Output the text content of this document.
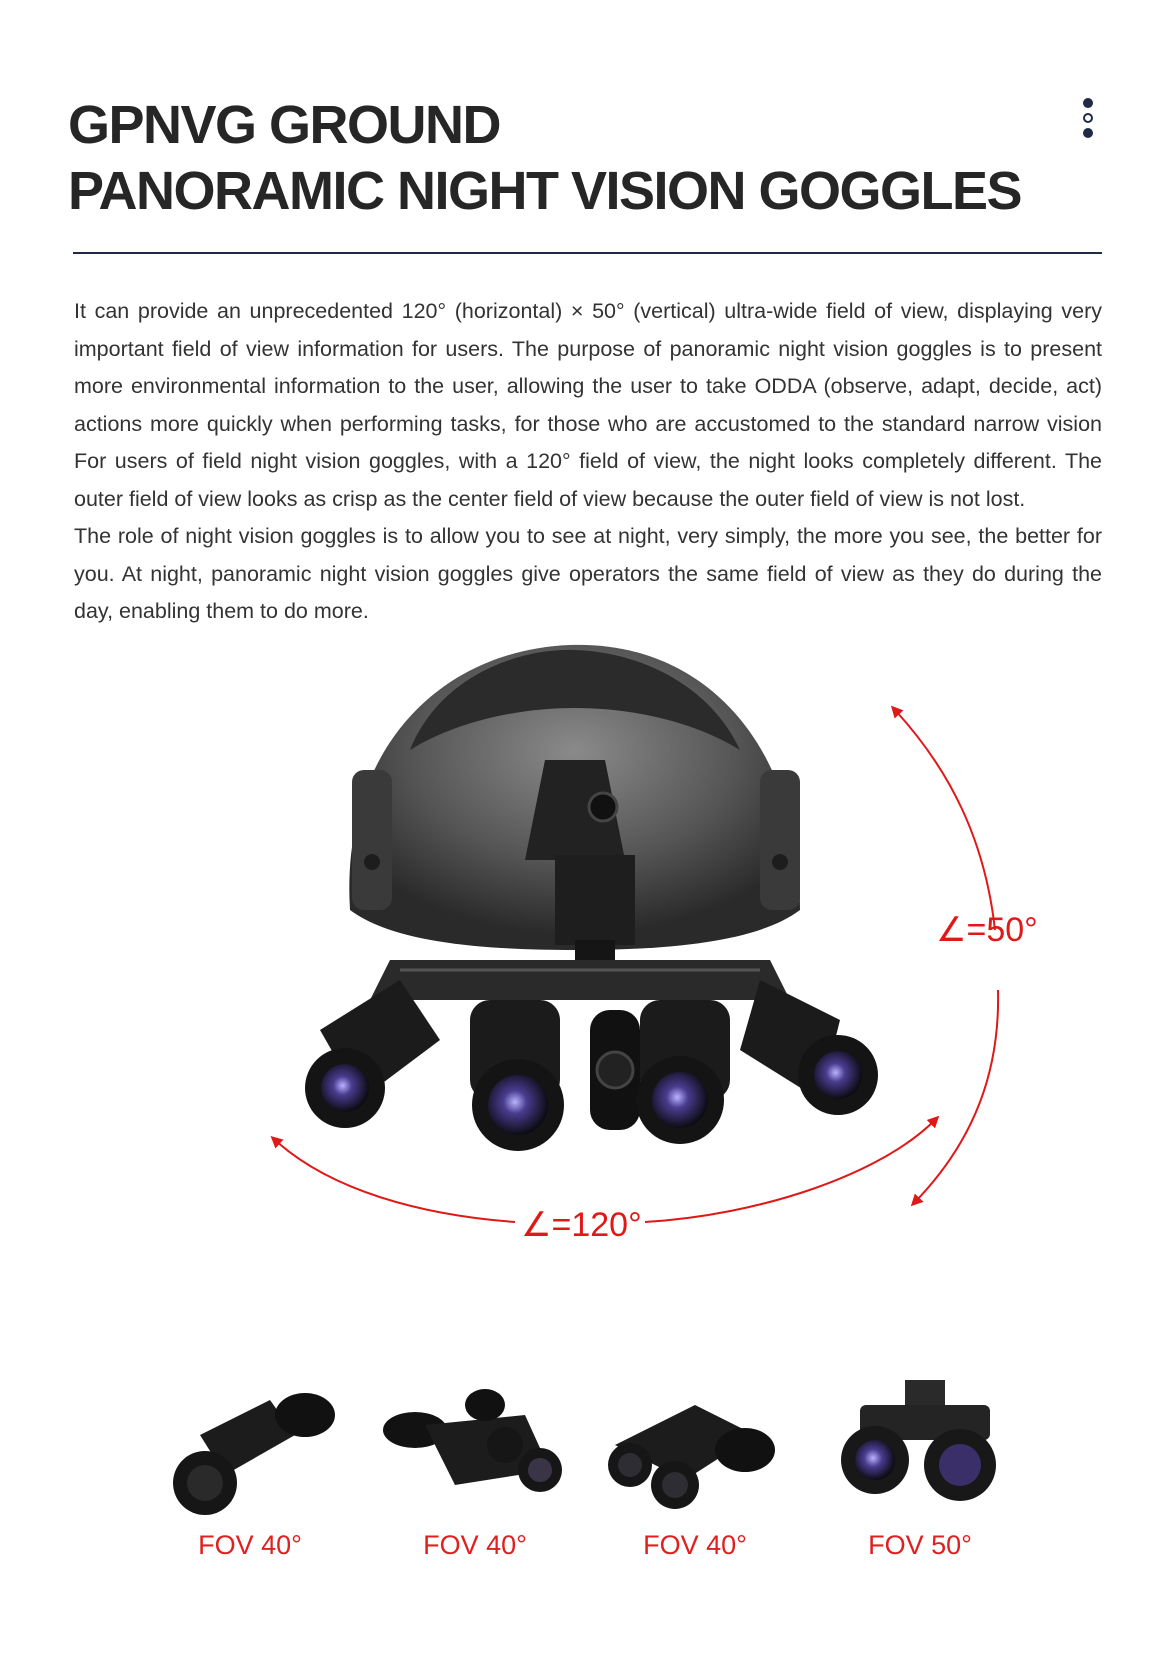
GPNVG GROUND
PANORAMIC NIGHT VISION GOGGLES

It can provide an unprecedented 120° (horizontal) × 50° (vertical) ultra-wide field of view, displaying very important field of view information for users. The purpose of panoramic night vision goggles is to present more environmental information to the user, allowing the user to take ODDA (observe, adapt, decide, act) actions more quickly when performing tasks, for those who are accustomed to the standard narrow vision For users of field night vision goggles, with a 120° field of view, the night looks completely different. The outer field of view looks as crisp as the center field of view because the outer field of view is not lost.

The role of night vision goggles is to allow you to see at night, very simply, the more you see, the better for you. At night, panoramic night vision goggles give operators the same field of view as they do during the day, enabling them to do more.

∠=50°
∠=120°
FOV 40°	FOV 40°	FOV 40°	FOV 50°
